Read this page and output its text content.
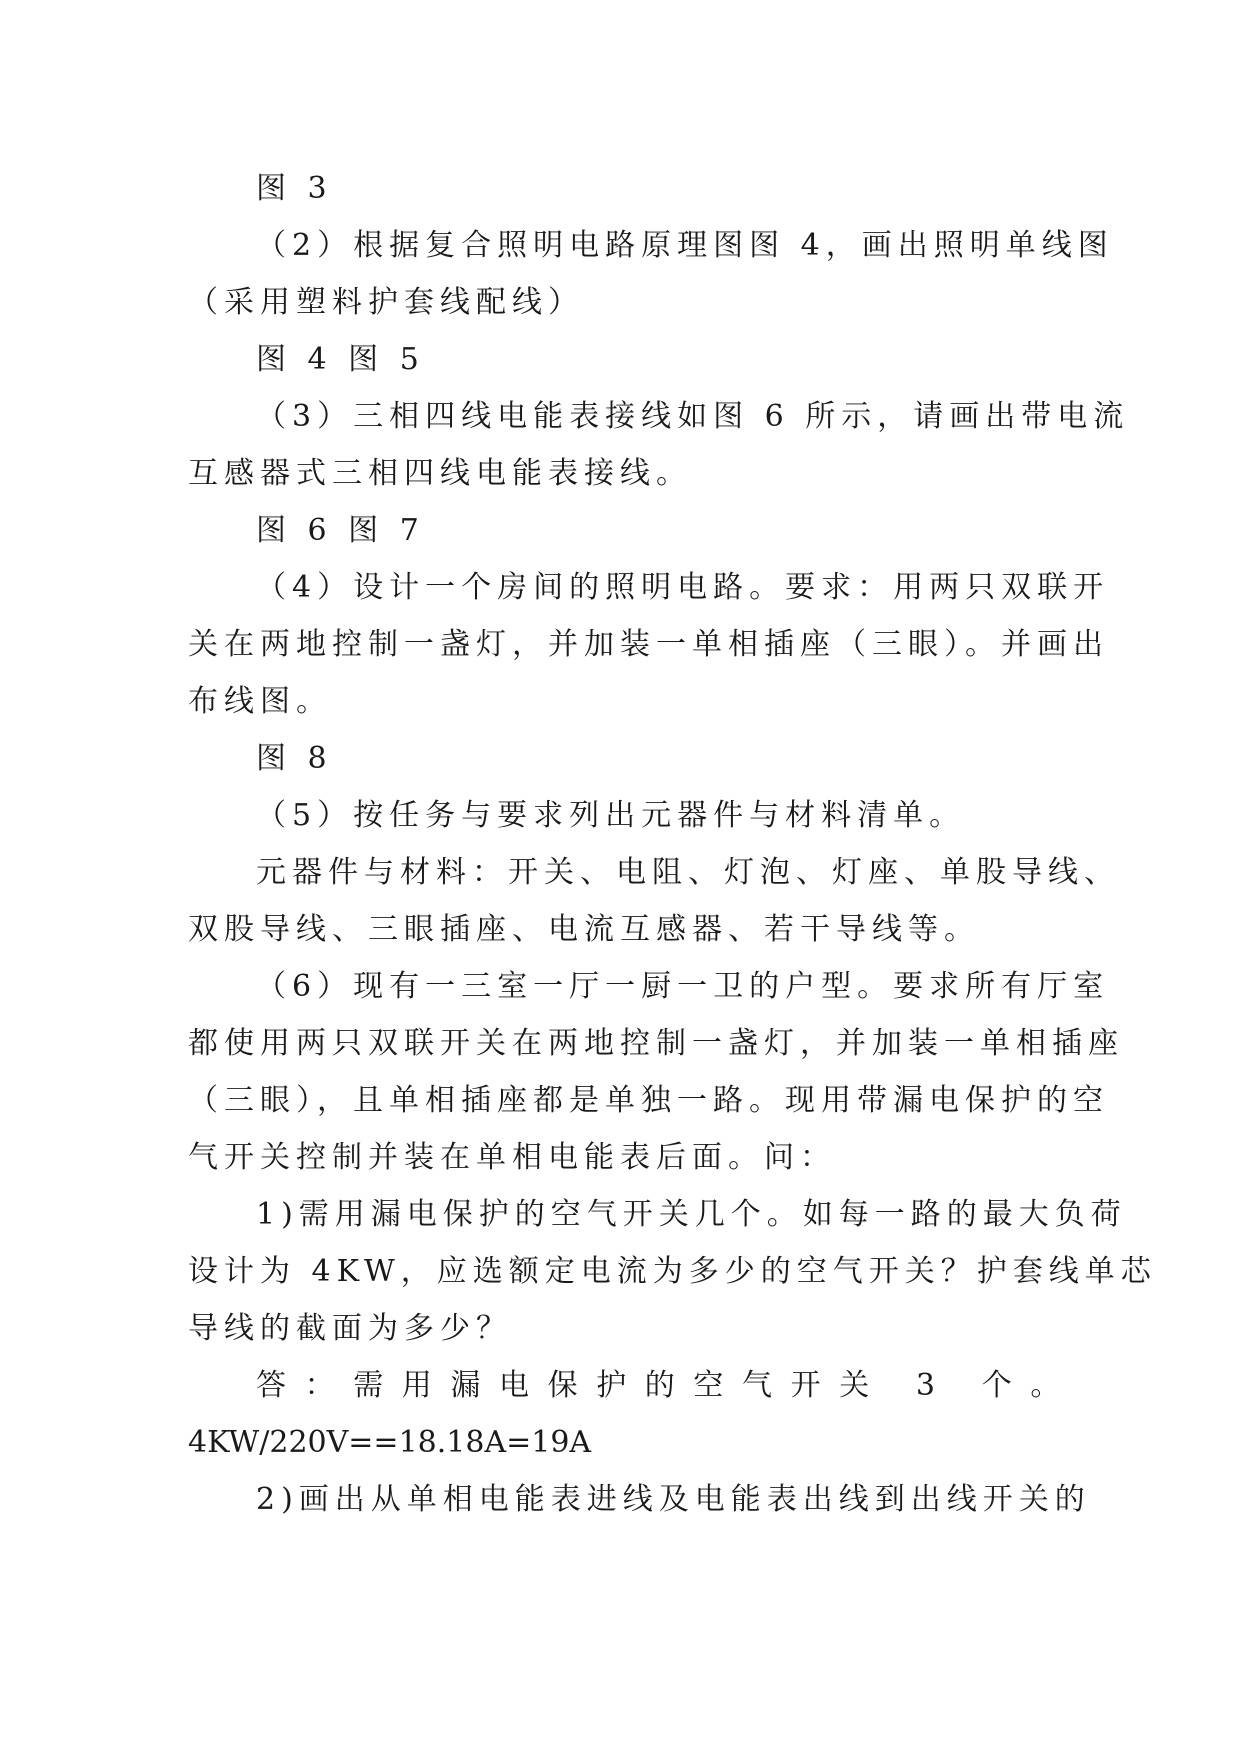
图 3
（2）根据复合照明电路原理图图 4，画出照明单线图
（采用塑料护套线配线）
图 4 图 5
（3）三相四线电能表接线如图 6 所示，请画出带电流
互感器式三相四线电能表接线。
图 6 图 7
（4）设计一个房间的照明电路。要求：用两只双联开
关在两地控制一盏灯，并加装一单相插座（三眼）。并画出
布线图。
图 8
（5）按任务与要求列出元器件与材料清单。
元器件与材料：开关、电阻、灯泡、灯座、单股导线、
双股导线、三眼插座、电流互感器、若干导线等。
（6）现有一三室一厅一厨一卫的户型。要求所有厅室
都使用两只双联开关在两地控制一盏灯，并加装一单相插座
（三眼），且单相插座都是单独一路。现用带漏电保护的空
气开关控制并装在单相电能表后面。问：
1)需用漏电保护的空气开关几个。如每一路的最大负荷
设计为 4KW，应选额定电流为多少的空气开关？护套线单芯
导线的截面为多少？
答：需用漏电保护的空气开关 3 个。
4KW/220V==18.18A=19A
2)画出从单相电能表进线及电能表出线到出线开关的
